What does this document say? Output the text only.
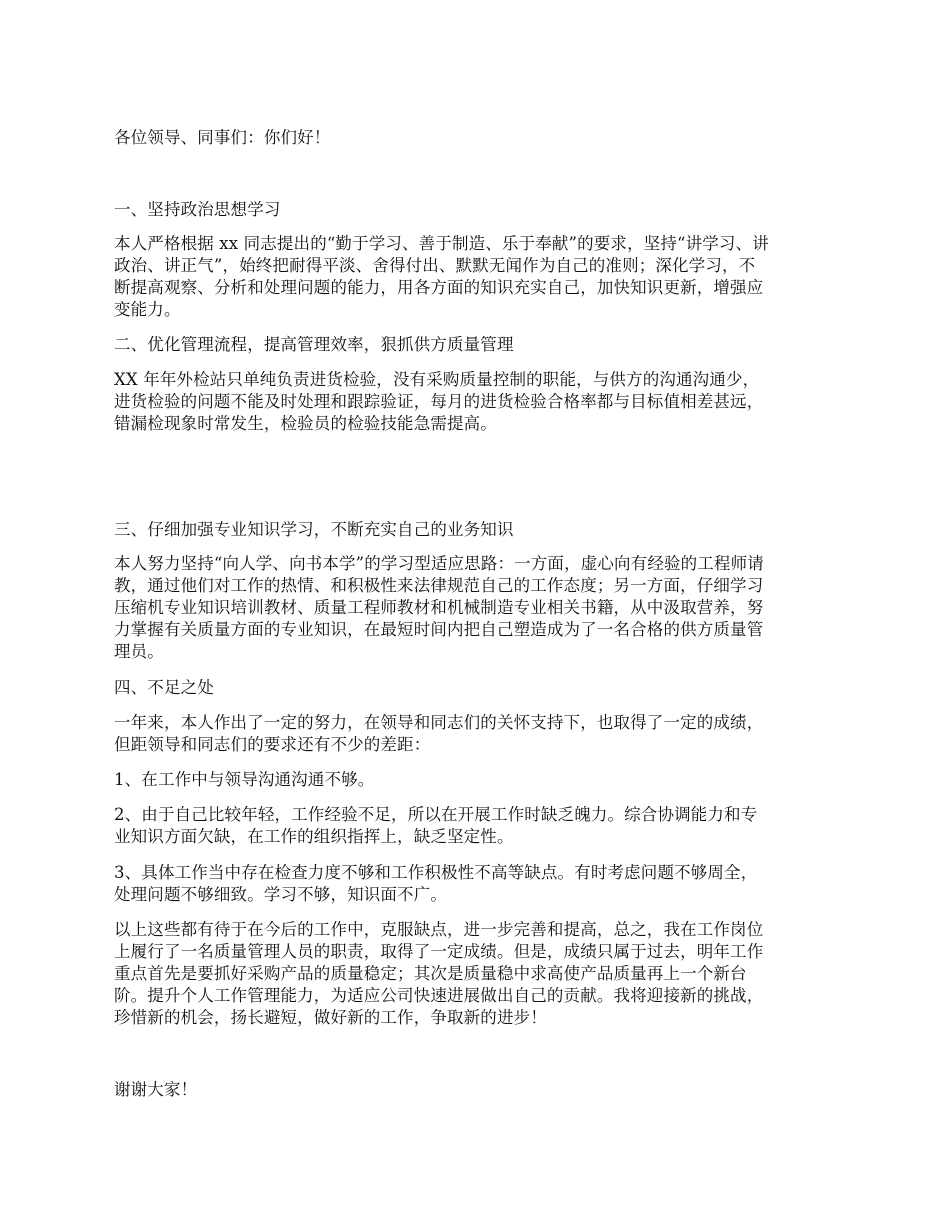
各位领导、同事们：你们好！
一、坚持政治思想学习
本人严格根据 xx 同志提出的“勤于学习、善于制造、乐于奉献”的要求，坚持“讲学习、讲
政治、讲正气”，始终把耐得平淡、舍得付出、默默无闻作为自己的准则；深化学习，不
断提高观察、分析和处理问题的能力，用各方面的知识充实自己，加快知识更新，增强应
变能力。
二、优化管理流程，提高管理效率，狠抓供方质量管理
XX 年年外检站只单纯负责进货检验，没有采购质量控制的职能，与供方的沟通沟通少，
进货检验的问题不能及时处理和跟踪验证，每月的进货检验合格率都与目标值相差甚远，
错漏检现象时常发生，检验员的检验技能急需提高。
三、仔细加强专业知识学习，不断充实自己的业务知识
本人努力坚持“向人学、向书本学”的学习型适应思路：一方面，虚心向有经验的工程师请
教，通过他们对工作的热情、和积极性来法律规范自己的工作态度；另一方面，仔细学习
压缩机专业知识培训教材、质量工程师教材和机械制造专业相关书籍，从中汲取营养，努
力掌握有关质量方面的专业知识，在最短时间内把自己塑造成为了一名合格的供方质量管
理员。
四、不足之处
一年来，本人作出了一定的努力，在领导和同志们的关怀支持下，也取得了一定的成绩，
但距领导和同志们的要求还有不少的差距：
1、在工作中与领导沟通沟通不够。
2、由于自己比较年轻，工作经验不足，所以在开展工作时缺乏魄力。综合协调能力和专
业知识方面欠缺，在工作的组织指挥上，缺乏坚定性。
3、具体工作当中存在检查力度不够和工作积极性不高等缺点。有时考虑问题不够周全，
处理问题不够细致。学习不够，知识面不广。
以上这些都有待于在今后的工作中，克服缺点，进一步完善和提高，总之，我在工作岗位
上履行了一名质量管理人员的职责，取得了一定成绩。但是，成绩只属于过去，明年工作
重点首先是要抓好采购产品的质量稳定；其次是质量稳中求高使产品质量再上一个新台
阶。提升个人工作管理能力，为适应公司快速进展做出自己的贡献。我将迎接新的挑战，
珍惜新的机会，扬长避短，做好新的工作，争取新的进步！
谢谢大家！
